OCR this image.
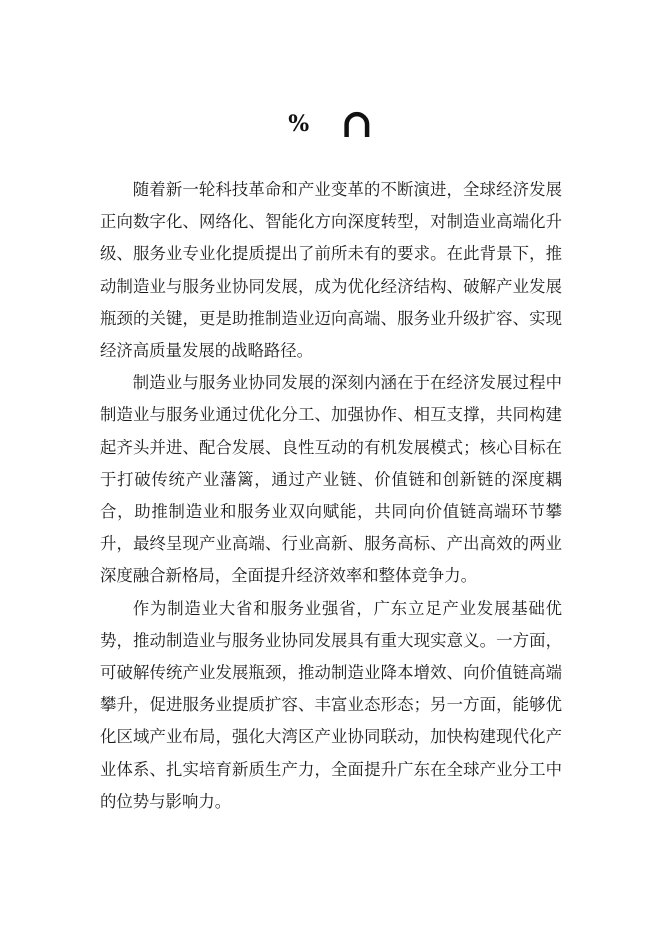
% ∩

随着新一轮科技革命和产业变革的不断演进，全球经济发展正向数字化、网络化、智能化方向深度转型，对制造业高端化升级、服务业专业化提质提出了前所未有的要求。在此背景下，推动制造业与服务业协同发展，成为优化经济结构、破解产业发展瓶颈的关键，更是助推制造业迈向高端、服务业升级扩容、实现经济高质量发展的战略路径。

制造业与服务业协同发展的深刻内涵在于在经济发展过程中制造业与服务业通过优化分工、加强协作、相互支撑，共同构建起齐头并进、配合发展、良性互动的有机发展模式；核心目标在于打破传统产业藩篱，通过产业链、价值链和创新链的深度耦合，助推制造业和服务业双向赋能，共同向价值链高端环节攀升，最终呈现产业高端、行业高新、服务高标、产出高效的两业深度融合新格局，全面提升经济效率和整体竞争力。

作为制造业大省和服务业强省，广东立足产业发展基础优势，推动制造业与服务业协同发展具有重大现实意义。一方面，可破解传统产业发展瓶颈，推动制造业降本增效、向价值链高端攀升，促进服务业提质扩容、丰富业态形态；另一方面，能够优化区域产业布局，强化大湾区产业协同联动，加快构建现代化产业体系、扎实培育新质生产力，全面提升广东在全球产业分工中的位势与影响力。
